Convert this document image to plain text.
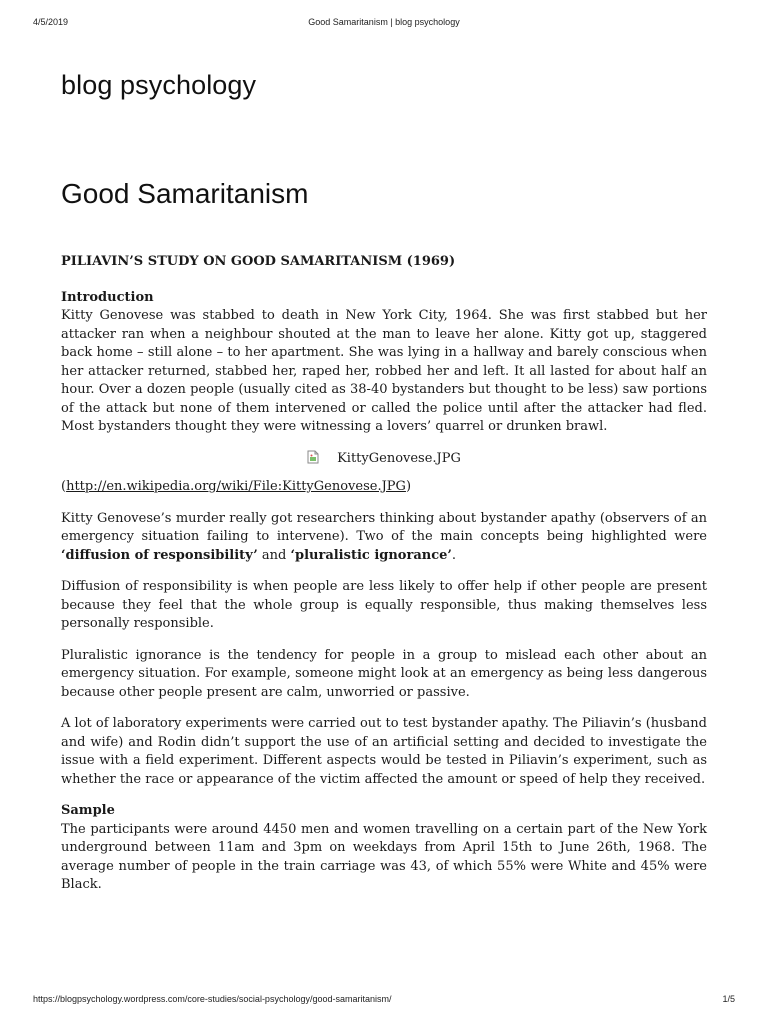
4/5/2019	Good Samaritanism | blog psychology
blog psychology
Good Samaritanism

PILIAVIN’S STUDY ON GOOD SAMARITANISM (1969)

Introduction
Kitty Genovese was stabbed to death in New York City, 1964. She was first stabbed but her attacker ran when a neighbour shouted at the man to leave her alone. Kitty got up, staggered back home – still alone – to her apartment. She was lying in a hallway and barely conscious when her attacker returned, stabbed her, raped her, robbed her and left. It all lasted for about half an hour. Over a dozen people (usually cited as 38-40 bystanders but thought to be less) saw portions of the attack but none of them intervened or called the police until after the attacker had fled. Most bystanders thought they were witnessing a lovers’ quarrel or drunken brawl.

KittyGenovese.JPG

(http://en.wikipedia.org/wiki/File:KittyGenovese.JPG)

Kitty Genovese’s murder really got researchers thinking about bystander apathy (observers of an emergency situation failing to intervene). Two of the main concepts being highlighted were ‘diffusion of responsibility’ and ‘pluralistic ignorance’.

Diffusion of responsibility is when people are less likely to offer help if other people are present because they feel that the whole group is equally responsible, thus making themselves less personally responsible.

Pluralistic ignorance is the tendency for people in a group to mislead each other about an emergency situation. For example, someone might look at an emergency as being less dangerous because other people present are calm, unworried or passive.

A lot of laboratory experiments were carried out to test bystander apathy. The Piliavin’s (husband and wife) and Rodin didn’t support the use of an artificial setting and decided to investigate the issue with a field experiment. Different aspects would be tested in Piliavin’s experiment, such as whether the race or appearance of the victim affected the amount or speed of help they received.

Sample
The participants were around 4450 men and women travelling on a certain part of the New York underground between 11am and 3pm on weekdays from April 15th to June 26th, 1968. The average number of people in the train carriage was 43, of which 55% were White and 45% were Black.

https://blogpsychology.wordpress.com/core-studies/social-psychology/good-samaritanism/	1/5
